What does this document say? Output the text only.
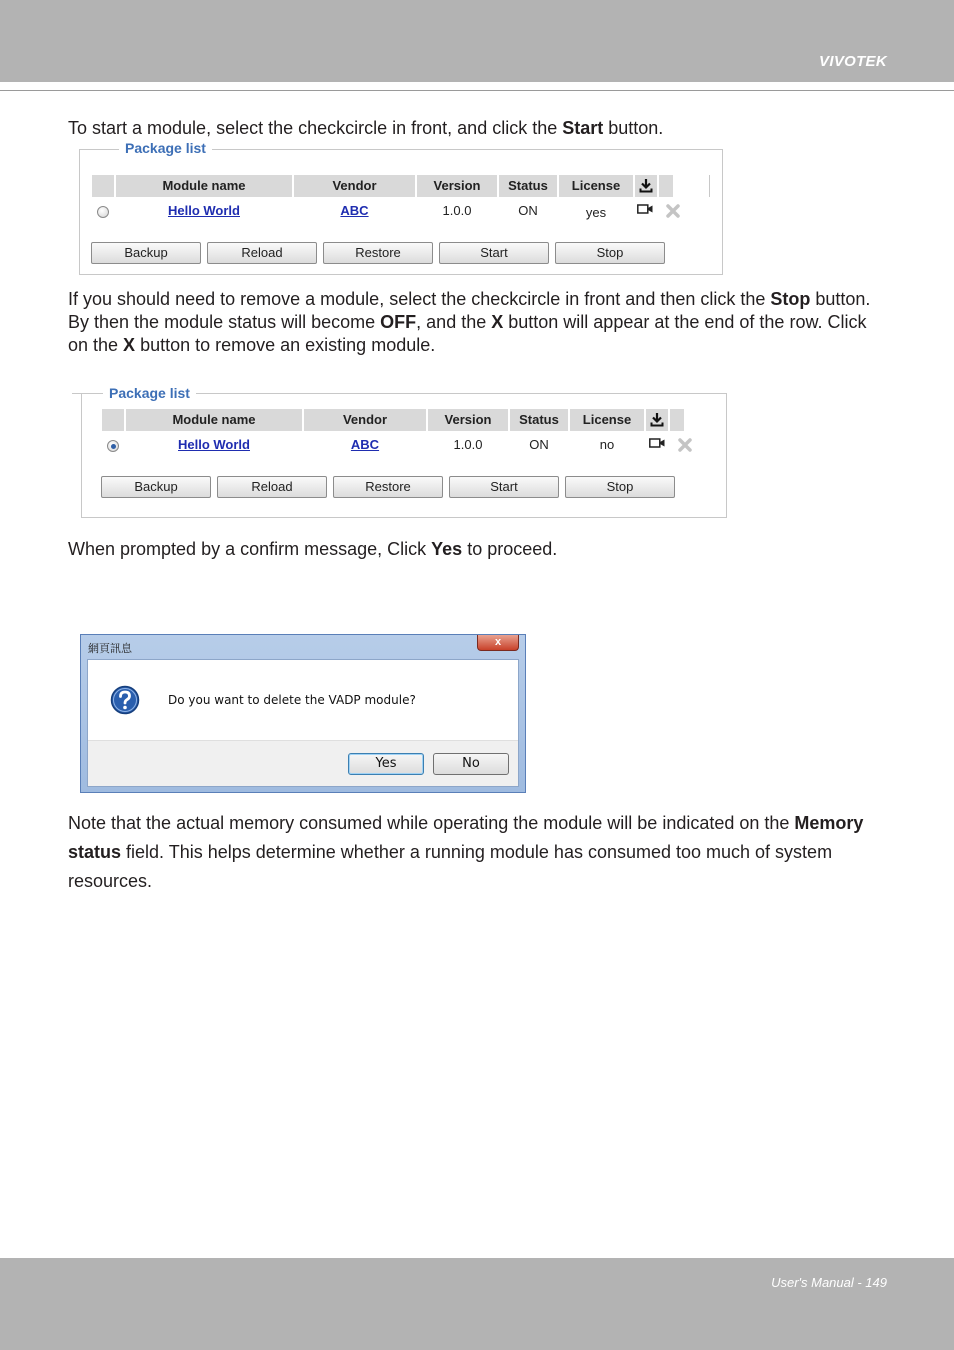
VIVOTEK

To start a module, select the checkcircle in front, and click the Start button.

Package list
Module name	Vendor	Version	Status	License
Hello World	ABC	1.0.0	ON	yes
Backup	Reload	Restore	Start	Stop

If you should need to remove a module, select the checkcircle in front and then click the Stop button. By then the module status will become OFF, and the X button will appear at the end of the row. Click on the X button to remove an existing module.

Package list
Module name	Vendor	Version	Status	License
Hello World	ABC	1.0.0	ON	no
Backup	Reload	Restore	Start	Stop

When prompted by a confirm message, Click Yes to proceed.

網頁訊息	x
Do you want to delete the VADP module?
Yes	No

Note that the actual memory consumed while operating the module will be indicated on the Memory status field. This helps determine whether a running module has consumed too much of system resources.

User's Manual - 149
